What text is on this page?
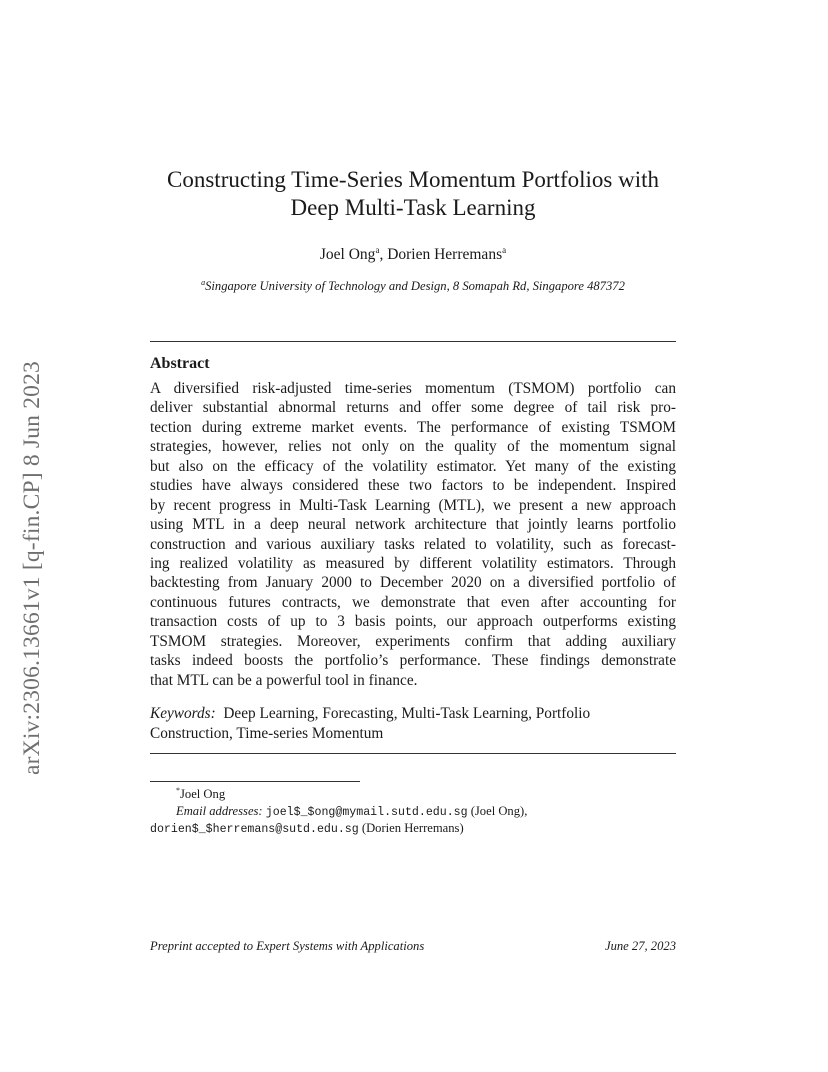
arXiv:2306.13661v1 [q-fin.CP] 8 Jun 2023
Constructing Time-Series Momentum Portfolios with
Deep Multi-Task Learning
Joel Ong$^a$, Dorien Herremans$^a$
$^a$Singapore University of Technology and Design, 8 Somapah Rd, Singapore 487372
Abstract
A diversified risk-adjusted time-series momentum (TSMOM) portfolio can
deliver substantial abnormal returns and offer some degree of tail risk pro-
tection during extreme market events. The performance of existing TSMOM
strategies, however, relies not only on the quality of the momentum signal
but also on the efficacy of the volatility estimator. Yet many of the existing
studies have always considered these two factors to be independent. Inspired
by recent progress in Multi-Task Learning (MTL), we present a new approach
using MTL in a deep neural network architecture that jointly learns portfolio
construction and various auxiliary tasks related to volatility, such as forecast-
ing realized volatility as measured by different volatility estimators. Through
backtesting from January 2000 to December 2020 on a diversified portfolio of
continuous futures contracts, we demonstrate that even after accounting for
transaction costs of up to 3 basis points, our approach outperforms existing
TSMOM strategies. Moreover, experiments confirm that adding auxiliary
tasks indeed boosts the portfolio’s performance. These findings demonstrate
that MTL can be a powerful tool in finance.
Keywords: Deep Learning, Forecasting, Multi-Task Learning, Portfolio
Construction, Time-series Momentum
*Joel Ong
Email addresses: joel$_$ong@mymail.sutd.edu.sg (Joel Ong),
dorien$_$herremans@sutd.edu.sg (Dorien Herremans)
Preprint accepted to Expert Systems with Applications	June 27, 2023
